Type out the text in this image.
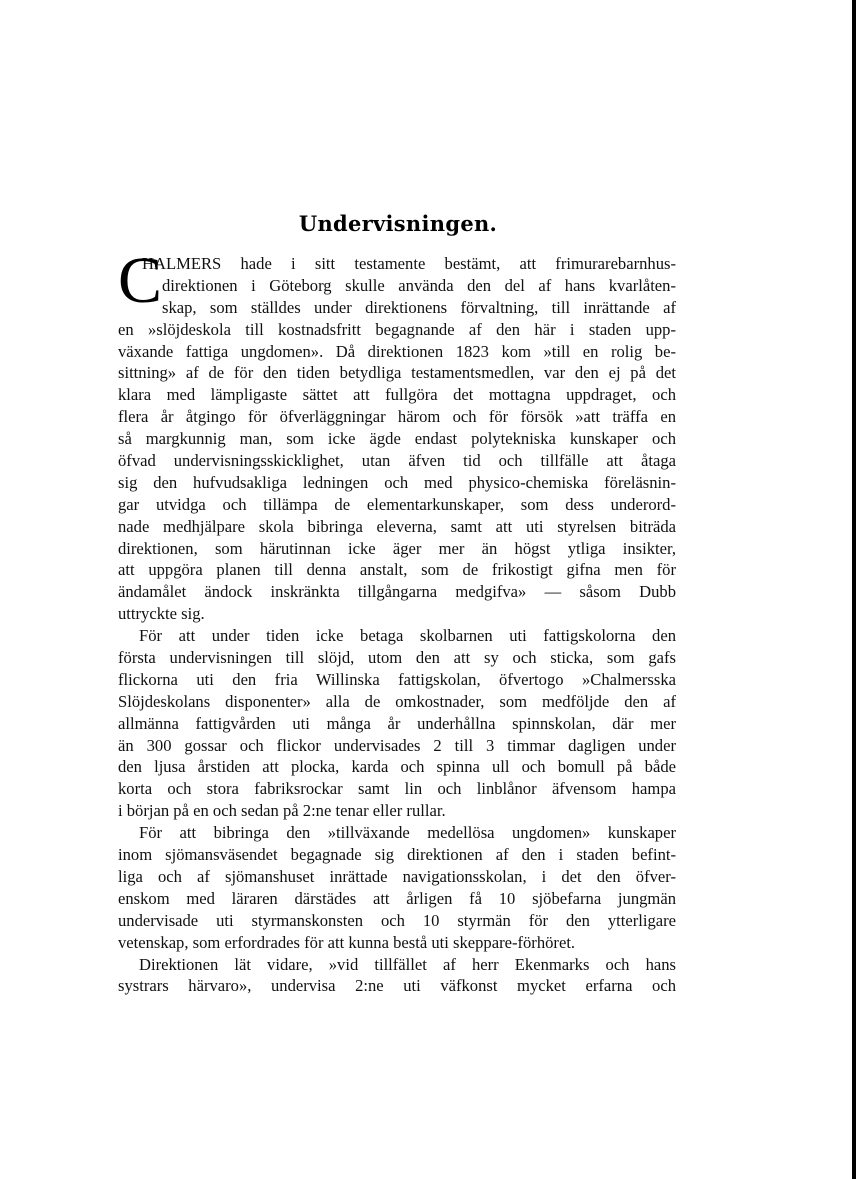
Undervisningen.
C
HALMERS hade i sitt testamente bestämt, att frimurarebarnhus-
direktionen i Göteborg skulle använda den del af hans kvarlåten-
skap, som ställdes under direktionens förvaltning, till inrättande af
en »slöjdeskola till kostnadsfritt begagnande af den här i staden upp-
växande fattiga ungdomen». Då direktionen 1823 kom »till en rolig be-
sittning» af de för den tiden betydliga testamentsmedlen, var den ej på det
klara med lämpligaste sättet att fullgöra det mottagna uppdraget, och
flera år åtgingo för öfverläggningar härom och för försök »att träffa en
så margkunnig man, som icke ägde endast polytekniska kunskaper och
öfvad undervisningsskicklighet, utan äfven tid och tillfälle att åtaga
sig den hufvudsakliga ledningen och med physico-chemiska föreläsnin-
gar utvidga och tillämpa de elementarkunskaper, som dess underord-
nade medhjälpare skola bibringa eleverna, samt att uti styrelsen biträda
direktionen, som härutinnan icke äger mer än högst ytliga insikter,
att uppgöra planen till denna anstalt, som de frikostigt gifna men för
ändamålet ändock inskränkta tillgångarna medgifva» — såsom Dubb
uttryckte sig.
För att under tiden icke betaga skolbarnen uti fattigskolorna den
första undervisningen till slöjd, utom den att sy och sticka, som gafs
flickorna uti den fria Willinska fattigskolan, öfvertogo »Chalmersska
Slöjdeskolans disponenter» alla de omkostnader, som medföljde den af
allmänna fattigvården uti många år underhållna spinnskolan, där mer
än 300 gossar och flickor undervisades 2 till 3 timmar dagligen under
den ljusa årstiden att plocka, karda och spinna ull och bomull på både
korta och stora fabriksrockar samt lin och linblånor äfvensom hampa
i början på en och sedan på 2:ne tenar eller rullar.
För att bibringa den »tillväxande medellösa ungdomen» kunskaper
inom sjömansväsendet begagnade sig direktionen af den i staden befint-
liga och af sjömanshuset inrättade navigationsskolan, i det den öfver-
enskom med läraren därstädes att årligen få 10 sjöbefarna jungmän
undervisade uti styrmanskonsten och 10 styrmän för den ytterligare
vetenskap, som erfordrades för att kunna bestå uti skeppare-förhöret.
Direktionen lät vidare, »vid tillfället af herr Ekenmarks och hans
systrars härvaro», undervisa 2:ne uti väfkonst mycket erfarna och
